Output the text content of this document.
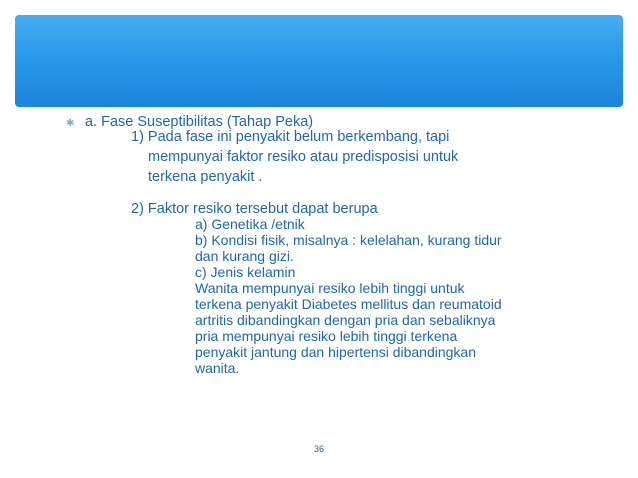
✱ a. Fase Suseptibilitas (Tahap Peka)
1) Pada fase ini penyakit belum berkembang, tapi
mempunyai faktor resiko atau predisposisi untuk
terkena penyakit .
2) Faktor resiko tersebut dapat berupa
a) Genetika /etnik
b) Kondisi fisik, misalnya : kelelahan, kurang tidur
dan kurang gizi.
c) Jenis kelamin
Wanita mempunyai resiko lebih tinggi untuk
terkena penyakit Diabetes mellitus dan reumatoid
artritis dibandingkan dengan pria dan sebaliknya
pria mempunyai resiko lebih tinggi terkena
penyakit jantung dan hipertensi dibandingkan
wanita.
36
